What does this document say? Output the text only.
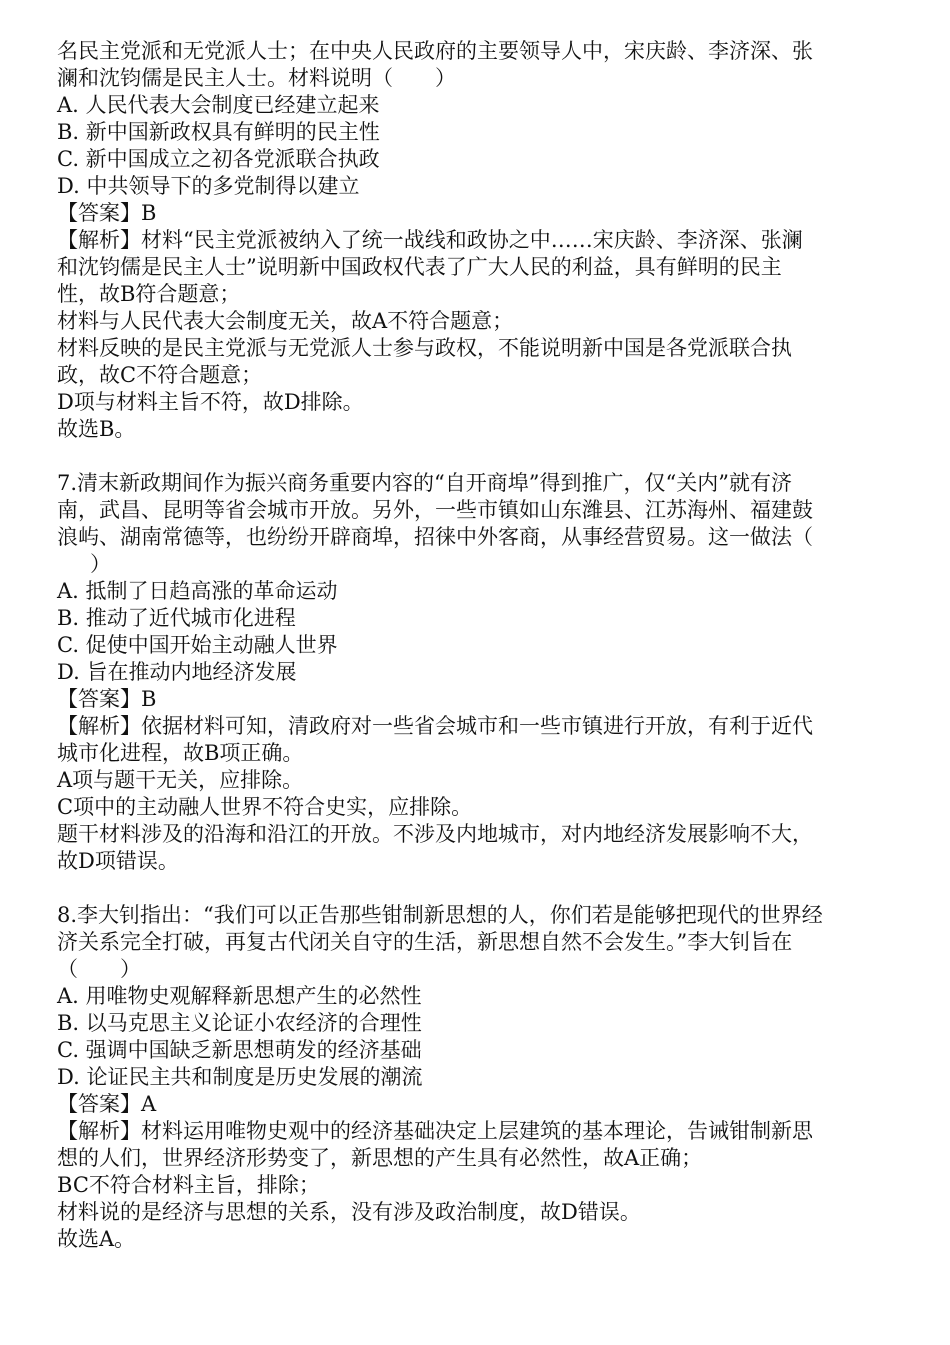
名民主党派和无党派人士；在中央人民政府的主要领导人中，宋庆龄、李济深、张
澜和沈钧儒是民主人士。材料说明（　　）
A. 人民代表大会制度已经建立起来
B. 新中国新政权具有鲜明的民主性
C. 新中国成立之初各党派联合执政
D. 中共领导下的多党制得以建立
【答案】B
【解析】材料“民主党派被纳入了统一战线和政协之中……宋庆龄、李济深、张澜
和沈钧儒是民主人士”说明新中国政权代表了广大人民的利益，具有鲜明的民主
性，故B符合题意；
材料与人民代表大会制度无关，故A不符合题意；
材料反映的是民主党派与无党派人士参与政权，不能说明新中国是各党派联合执
政，故C不符合题意；
D项与材料主旨不符，故D排除。
故选B。
7.清末新政期间作为振兴商务重要内容的“自开商埠”得到推广，仅“关内”就有济
南，武昌、昆明等省会城市开放。另外，一些市镇如山东潍县、江苏海州、福建鼓
浪屿、湖南常德等，也纷纷开辟商埠，招徕中外客商，从事经营贸易。这一做法（
）
A. 抵制了日趋高涨的革命运动
B. 推动了近代城市化进程
C. 促使中国开始主动融人世界
D. 旨在推动内地经济发展
【答案】B
【解析】依据材料可知，清政府对一些省会城市和一些市镇进行开放，有利于近代
城市化进程，故B项正确。
A项与题干无关，应排除。
C项中的主动融人世界不符合史实，应排除。
题干材料涉及的沿海和沿江的开放。不涉及内地城市，对内地经济发展影响不大，
故D项错误。
8.李大钊指出：“我们可以正告那些钳制新思想的人，你们若是能够把现代的世界经
济关系完全打破，再复古代闭关自守的生活，新思想自然不会发生。”李大钊旨在
（　　）
A. 用唯物史观解释新思想产生的必然性
B. 以马克思主义论证小农经济的合理性
C. 强调中国缺乏新思想萌发的经济基础
D. 论证民主共和制度是历史发展的潮流
【答案】A
【解析】材料运用唯物史观中的经济基础决定上层建筑的基本理论，告诫钳制新思
想的人们，世界经济形势变了，新思想的产生具有必然性，故A正确；
BC不符合材料主旨，排除；
材料说的是经济与思想的关系，没有涉及政治制度，故D错误。
故选A。
